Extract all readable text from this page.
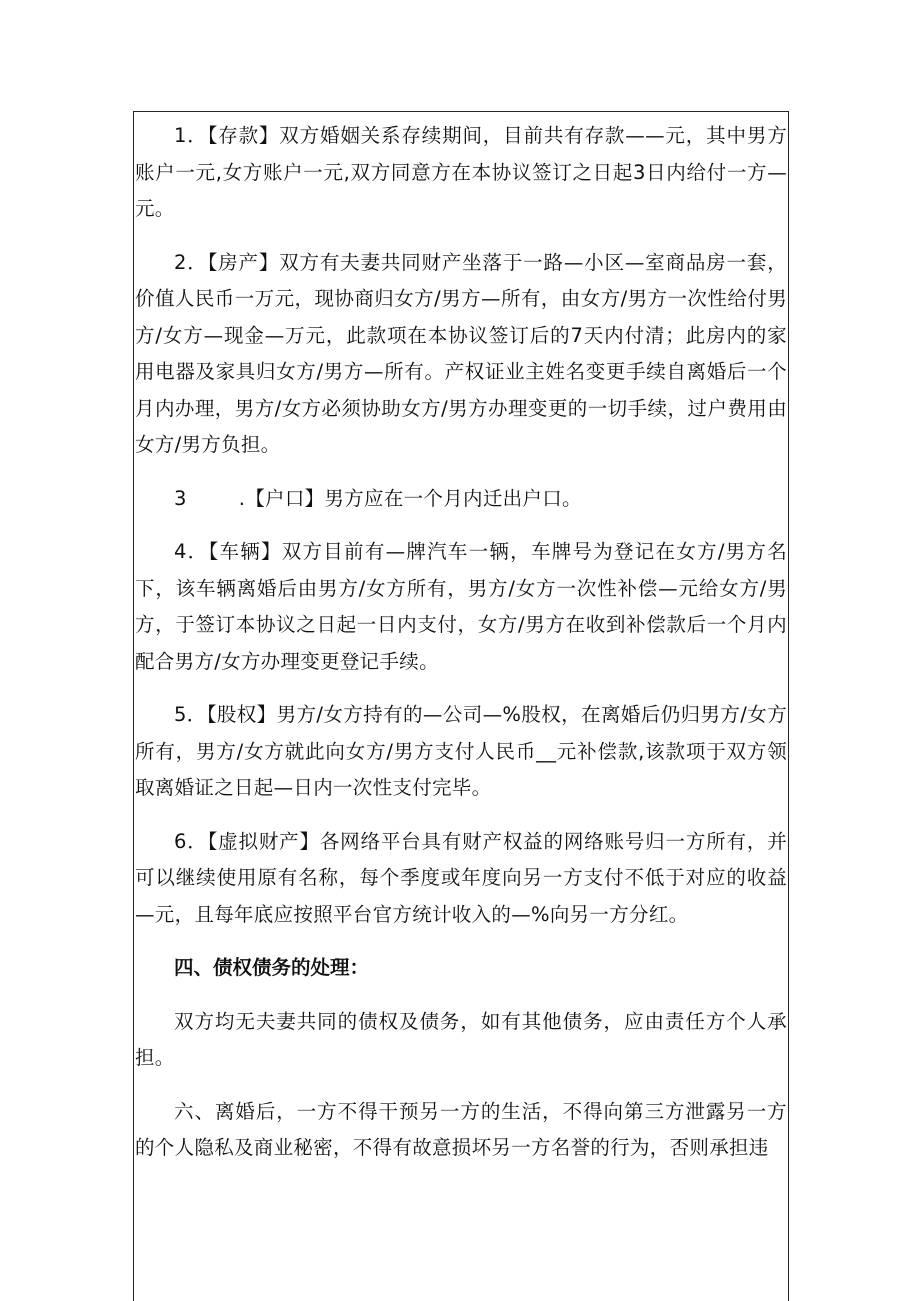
1．【存款】双方婚姻关系存续期间，目前共有存款——元，其中男方账户一元,女方账户一元,双方同意方在本协议签订之日起3日内给付一方—元。

2．【房产】双方有夫妻共同财产坐落于一路—小区—室商品房一套，价值人民币一万元，现协商归女方/男方—所有，由女方/男方一次性给付男方/女方—现金—万元，此款项在本协议签订后的7天内付清；此房内的家用电器及家具归女方/男方—所有。产权证业主姓名变更手续自离婚后一个月内办理，男方/女方必须协助女方/男方办理变更的一切手续，过户费用由女方/男方负担。

3	.【户口】男方应在一个月内迁出户口。

4．【车辆】双方目前有—牌汽车一辆，车牌号为登记在女方/男方名下，该车辆离婚后由男方/女方所有，男方/女方一次性补偿—元给女方/男方，于签订本协议之日起一日内支付，女方/男方在收到补偿款后一个月内配合男方/女方办理变更登记手续。

5．【股权】男方/女方持有的—公司—%股权，在离婚后仍归男方/女方所有，男方/女方就此向女方/男方支付人民币__元补偿款,该款项于双方领取离婚证之日起—日内一次性支付完毕。

6．【虚拟财产】各网络平台具有财产权益的网络账号归一方所有，并可以继续使用原有名称，每个季度或年度向另一方支付不低于对应的收益—元，且每年底应按照平台官方统计收入的—%向另一方分红。

四、债权债务的处理：

双方均无夫妻共同的债权及债务，如有其他债务，应由责任方个人承担。

六、离婚后，一方不得干预另一方的生活，不得向第三方泄露另一方的个人隐私及商业秘密，不得有故意损坏另一方名誉的行为，否则承担违
